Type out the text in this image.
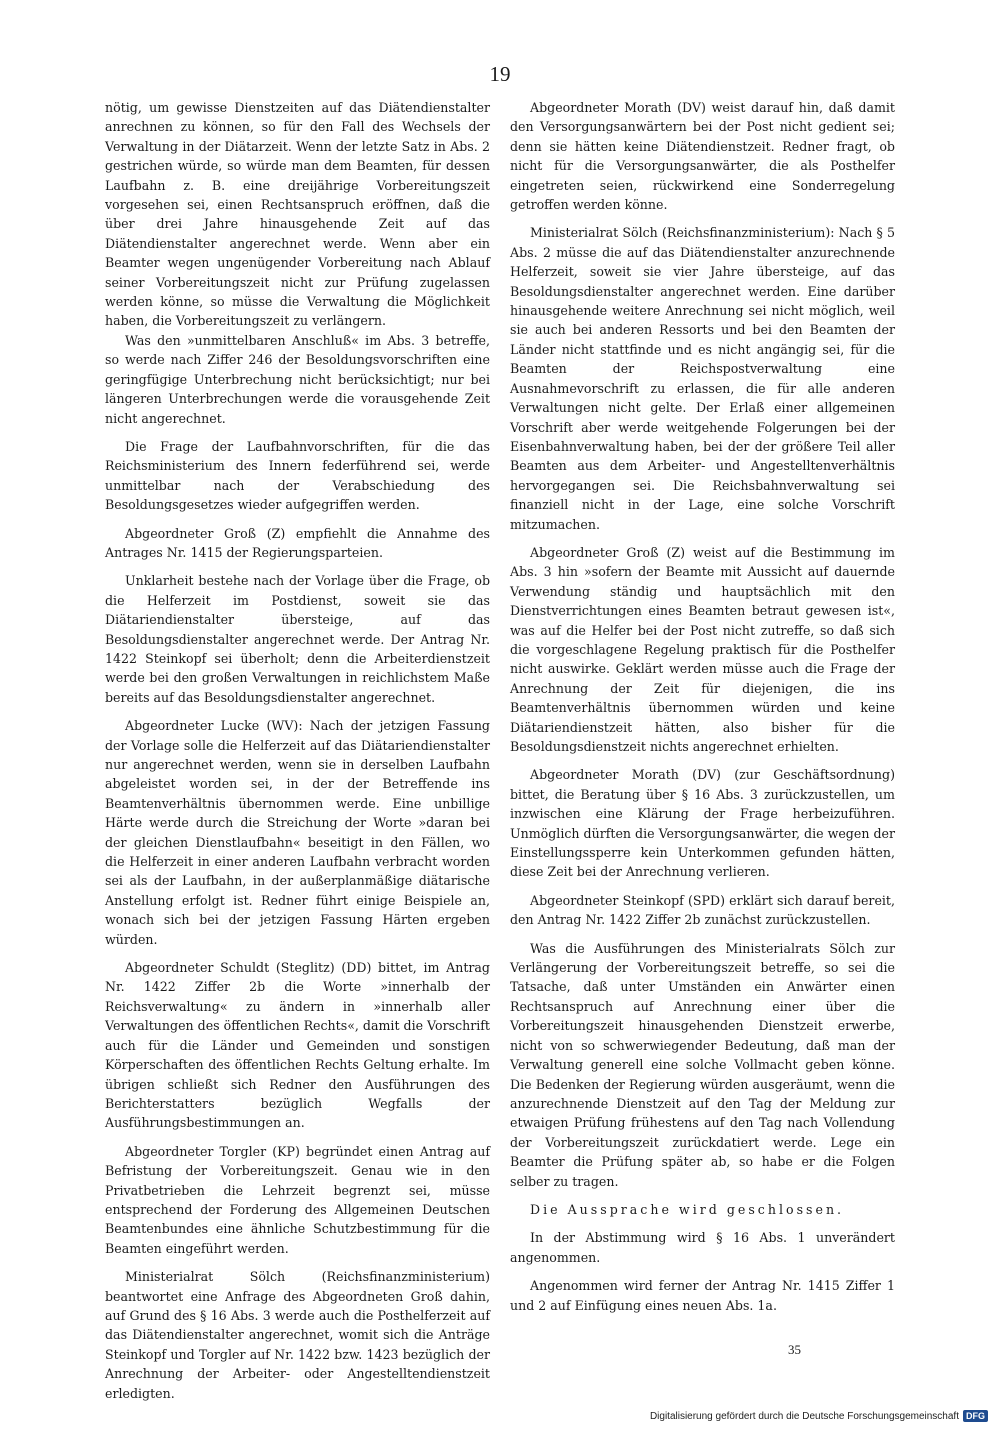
19

nötig, um gewisse Dienstzeiten auf das Diätendienstalter anrechnen zu können, so für den Fall des Wechsels der Verwaltung in der Diätarzeit. Wenn der letzte Satz in Abs. 2 gestrichen würde, so würde man dem Beamten, für dessen Laufbahn z. B. eine dreijährige Vorbereitungszeit vorgesehen sei, einen Rechtsanspruch eröffnen, daß die über drei Jahre hinausgehende Zeit auf das Diätendienstalter angerechnet werde. Wenn aber ein Beamter wegen ungenügender Vorbereitung nach Ablauf seiner Vorbereitungszeit nicht zur Prüfung zugelassen werden könne, so müsse die Verwaltung die Möglichkeit haben, die Vorbereitungszeit zu verlängern.

Was den »unmittelbaren Anschluß« im Abs. 3 betreffe, so werde nach Ziffer 246 der Besoldungsvorschriften eine geringfügige Unterbrechung nicht berücksichtigt; nur bei längeren Unterbrechungen werde die vorausgehende Zeit nicht angerechnet.

Die Frage der Laufbahnvorschriften, für die das Reichsministerium des Innern federführend sei, werde unmittelbar nach der Verabschiedung des Besoldungsgesetzes wieder aufgegriffen werden.

Abgeordneter Groß (Z) empfiehlt die Annahme des Antrages Nr. 1415 der Regierungsparteien.

Unklarheit bestehe nach der Vorlage über die Frage, ob die Helferzeit im Postdienst, soweit sie das Diätariendienstalter übersteige, auf das Besoldungsdienstalter angerechnet werde. Der Antrag Nr. 1422 Steinkopf sei überholt; denn die Arbeiterdienstzeit werde bei den großen Verwaltungen in reichlichstem Maße bereits auf das Besoldungsdienstalter angerechnet.

Abgeordneter Lucke (WV): Nach der jetzigen Fassung der Vorlage solle die Helferzeit auf das Diätariendienstalter nur angerechnet werden, wenn sie in derselben Laufbahn abgeleistet worden sei, in der der Betreffende ins Beamtenverhältnis übernommen werde. Eine unbillige Härte werde durch die Streichung der Worte »daran bei der gleichen Dienstlaufbahn« beseitigt in den Fällen, wo die Helferzeit in einer anderen Laufbahn verbracht worden sei als der Laufbahn, in der außerplanmäßige diätarische Anstellung erfolgt ist. Redner führt einige Beispiele an, wonach sich bei der jetzigen Fassung Härten ergeben würden.

Abgeordneter Schuldt (Steglitz) (DD) bittet, im Antrag Nr. 1422 Ziffer 2b die Worte »innerhalb der Reichsverwaltung« zu ändern in »innerhalb aller Verwaltungen des öffentlichen Rechts«, damit die Vorschrift auch für die Länder und Gemeinden und sonstigen Körperschaften des öffentlichen Rechts Geltung erhalte. Im übrigen schließt sich Redner den Ausführungen des Berichterstatters bezüglich Wegfalls der Ausführungsbestimmungen an.

Abgeordneter Torgler (KP) begründet einen Antrag auf Befristung der Vorbereitungszeit. Genau wie in den Privatbetrieben die Lehrzeit begrenzt sei, müsse entsprechend der Forderung des Allgemeinen Deutschen Beamtenbundes eine ähnliche Schutzbestimmung für die Beamten eingeführt werden.

Ministerialrat Sölch (Reichsfinanzministerium) beantwortet eine Anfrage des Abgeordneten Groß dahin, auf Grund des § 16 Abs. 3 werde auch die Posthelferzeit auf das Diätendienstalter angerechnet, womit sich die Anträge Steinkopf und Torgler auf Nr. 1422 bzw. 1423 bezüglich der Anrechnung der Arbeiter- oder Angestelltendienstzeit erledigten.

Abgeordneter Morath (DV) weist darauf hin, daß damit den Versorgungsanwärtern bei der Post nicht gedient sei; denn sie hätten keine Diätendienstzeit. Redner fragt, ob nicht für die Versorgungsanwärter, die als Posthelfer eingetreten seien, rückwirkend eine Sonderregelung getroffen werden könne.

Ministerialrat Sölch (Reichsfinanzministerium): Nach § 5 Abs. 2 müsse die auf das Diätendienstalter anzurechnende Helferzeit, soweit sie vier Jahre übersteige, auf das Besoldungsdienstalter angerechnet werden. Eine darüber hinausgehende weitere Anrechnung sei nicht möglich, weil sie auch bei anderen Ressorts und bei den Beamten der Länder nicht stattfinde und es nicht angängig sei, für die Beamten der Reichspostverwaltung eine Ausnahmevorschrift zu erlassen, die für alle anderen Verwaltungen nicht gelte. Der Erlaß einer allgemeinen Vorschrift aber werde weitgehende Folgerungen bei der Eisenbahnverwaltung haben, bei der der größere Teil aller Beamten aus dem Arbeiter- und Angestelltenverhältnis hervorgegangen sei. Die Reichsbahnverwaltung sei finanziell nicht in der Lage, eine solche Vorschrift mitzumachen.

Abgeordneter Groß (Z) weist auf die Bestimmung im Abs. 3 hin »sofern der Beamte mit Aussicht auf dauernde Verwendung ständig und hauptsächlich mit den Dienstverrichtungen eines Beamten betraut gewesen ist«, was auf die Helfer bei der Post nicht zutreffe, so daß sich die vorgeschlagene Regelung praktisch für die Posthelfer nicht auswirke. Geklärt werden müsse auch die Frage der Anrechnung der Zeit für diejenigen, die ins Beamtenverhältnis übernommen würden und keine Diätariendienstzeit hätten, also bisher für die Besoldungsdienstzeit nichts angerechnet erhielten.

Abgeordneter Morath (DV) (zur Geschäftsordnung) bittet, die Beratung über § 16 Abs. 3 zurückzustellen, um inzwischen eine Klärung der Frage herbeizuführen. Unmöglich dürften die Versorgungsanwärter, die wegen der Einstellungssperre kein Unterkommen gefunden hätten, diese Zeit bei der Anrechnung verlieren.

Abgeordneter Steinkopf (SPD) erklärt sich darauf bereit, den Antrag Nr. 1422 Ziffer 2b zunächst zurückzustellen.

Was die Ausführungen des Ministerialrats Sölch zur Verlängerung der Vorbereitungszeit betreffe, so sei die Tatsache, daß unter Umständen ein Anwärter einen Rechtsanspruch auf Anrechnung einer über die Vorbereitungszeit hinausgehenden Dienstzeit erwerbe, nicht von so schwerwiegender Bedeutung, daß man der Verwaltung generell eine solche Vollmacht geben könne. Die Bedenken der Regierung würden ausgeräumt, wenn die anzurechnende Dienstzeit auf den Tag der Meldung zur etwaigen Prüfung frühestens auf den Tag nach Vollendung der Vorbereitungszeit zurückdatiert werde. Lege ein Beamter die Prüfung später ab, so habe er die Folgen selber zu tragen.

Die Aussprache wird geschlossen.

In der Abstimmung wird § 16 Abs. 1 unverändert angenommen.

Angenommen wird ferner der Antrag Nr. 1415 Ziffer 1 und 2 auf Einfügung eines neuen Abs. 1a.

35
Digitalisierung gefördert durch die Deutsche Forschungsgemeinschaft DFG
